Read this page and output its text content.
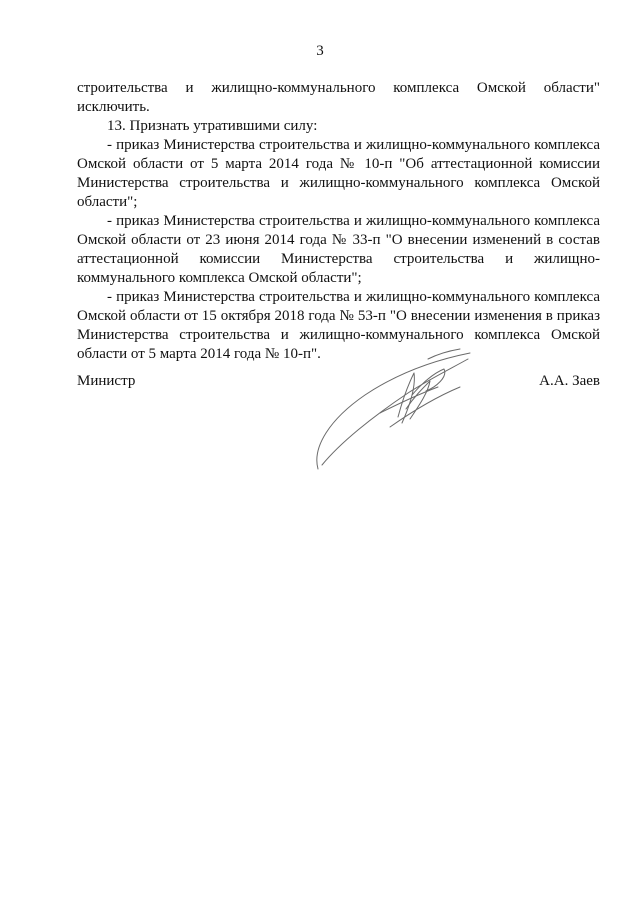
3

строительства и жилищно-коммунального комплекса Омской области" исключить.

13. Признать утратившими силу:

- приказ Министерства строительства и жилищно-коммунального комплекса Омской области от 5 марта 2014 года № 10-п "Об аттестационной комиссии Министерства строительства и жилищно-коммунального комплекса Омской области";

- приказ Министерства строительства и жилищно-коммунального комплекса Омской области от 23 июня 2014 года № 33-п "О внесении изменений в состав аттестационной комиссии Министерства строительства и жилищно-коммунального комплекса Омской области";

- приказ Министерства строительства и жилищно-коммунального комплекса Омской области от 15 октября 2018 года № 53-п "О внесении изменения в приказ Министерства строительства и жилищно-коммунального комплекса Омской области от 5 марта 2014 года № 10-п".

Министр	А.А. Заев
